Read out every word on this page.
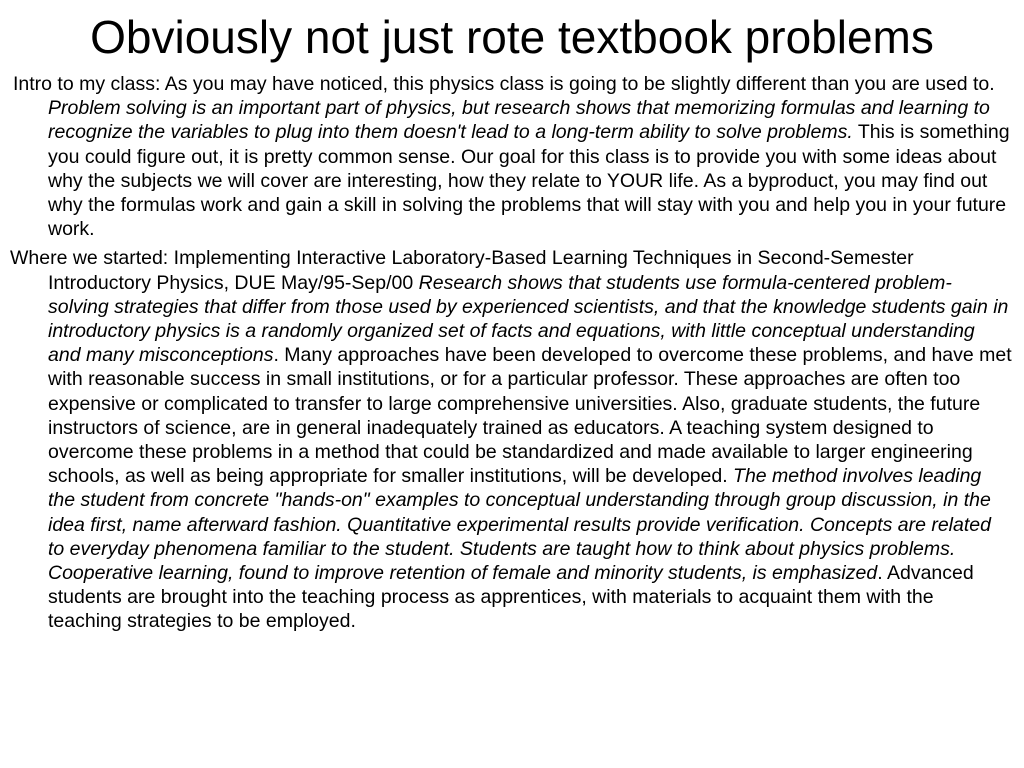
Obviously not just rote textbook problems

Intro to my class: As you may have noticed, this physics class is going to be slightly different than you are used to. Problem solving is an important part of physics, but research shows that memorizing formulas and learning to recognize the variables to plug into them doesn't lead to a long-term ability to solve problems. This is something you could figure out, it is pretty common sense. Our goal for this class is to provide you with some ideas about why the subjects we will cover are interesting, how they relate to YOUR life. As a byproduct, you may find out why the formulas work and gain a skill in solving the problems that will stay with you and help you in your future work.

Where we started: Implementing Interactive Laboratory-Based Learning Techniques in Second-Semester Introductory Physics, DUE May/95-Sep/00 Research shows that students use formula-centered problem-solving strategies that differ from those used by experienced scientists, and that the knowledge students gain in introductory physics is a randomly organized set of facts and equations, with little conceptual understanding and many misconceptions. Many approaches have been developed to overcome these problems, and have met with reasonable success in small institutions, or for a particular professor. These approaches are often too expensive or complicated to transfer to large comprehensive universities. Also, graduate students, the future instructors of science, are in general inadequately trained as educators. A teaching system designed to overcome these problems in a method that could be standardized and made available to larger engineering schools, as well as being appropriate for smaller institutions, will be developed. The method involves leading the student from concrete "hands-on" examples to conceptual understanding through group discussion, in the idea first, name afterward fashion. Quantitative experimental results provide verification. Concepts are related to everyday phenomena familiar to the student. Students are taught how to think about physics problems. Cooperative learning, found to improve retention of female and minority students, is emphasized. Advanced students are brought into the teaching process as apprentices, with materials to acquaint them with the teaching strategies to be employed.
